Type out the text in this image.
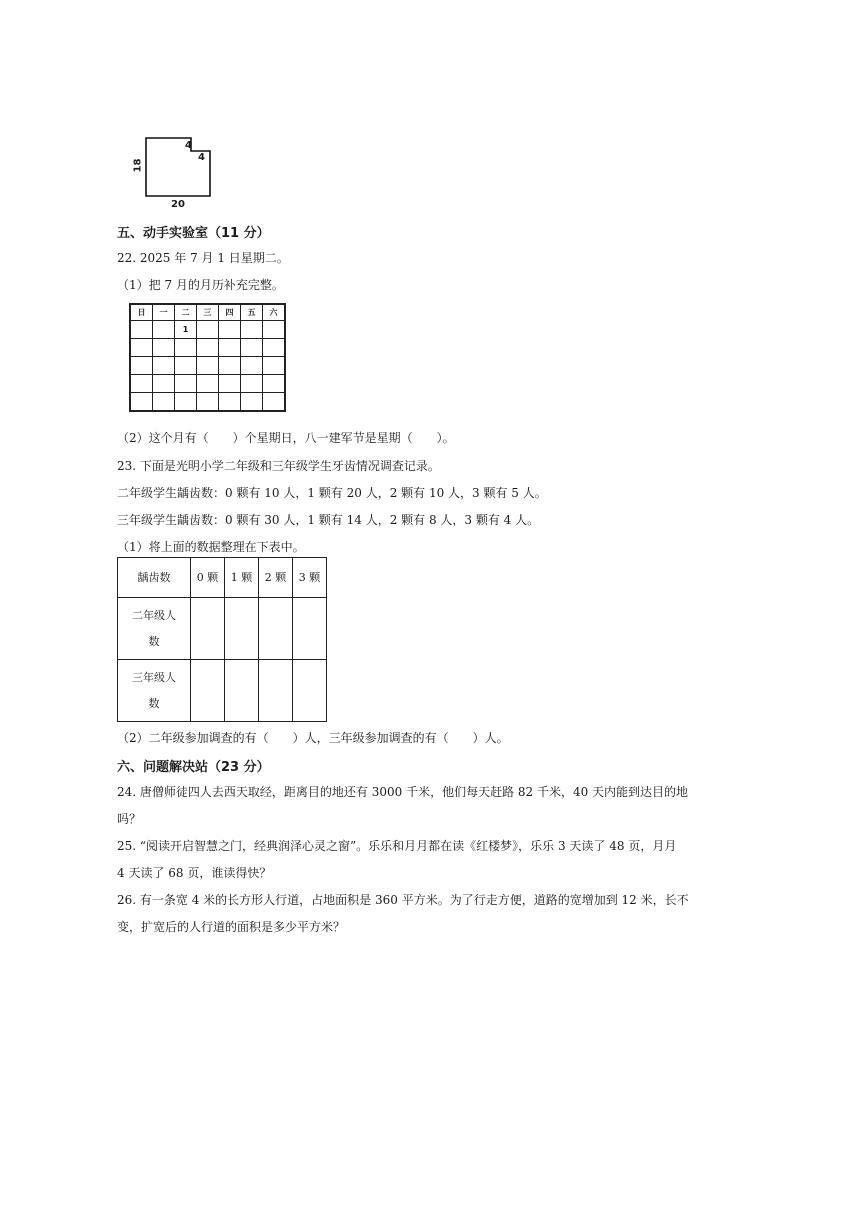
18
20
4
4
五、动手实验室（11 分）
22. 2025 年 7 月 1 日星期二。
（1）把 7 月的月历补充完整。
日	一	二	三	四	五	六
		1				

（2）这个月有（　　）个星期日，八一建军节是星期（　　）。
23. 下面是光明小学二年级和三年级学生牙齿情况调查记录。
二年级学生龋齿数：0 颗有 10 人，1 颗有 20 人，2 颗有 10 人，3 颗有 5 人。
三年级学生龋齿数：0 颗有 30 人，1 颗有 14 人，2 颗有 8 人，3 颗有 4 人。
（1）将上面的数据整理在下表中。
龋齿数	0 颗	1 颗	2 颗	3 颗

二年级人
数				

三年级人
数				

（2）二年级参加调查的有（　　）人，三年级参加调查的有（　　）人。
六、问题解决站（23 分）
24. 唐僧师徒四人去西天取经，距离目的地还有 3000 千米，他们每天赶路 82 千米，40 天内能到达目的地
吗？
25. “阅读开启智慧之门，经典润泽心灵之窗”。乐乐和月月都在读《红楼梦》，乐乐 3 天读了 48 页，月月
4 天读了 68 页，谁读得快？
26. 有一条宽 4 米的长方形人行道，占地面积是 360 平方米。为了行走方便，道路的宽增加到 12 米，长不
变，扩宽后的人行道的面积是多少平方米？
